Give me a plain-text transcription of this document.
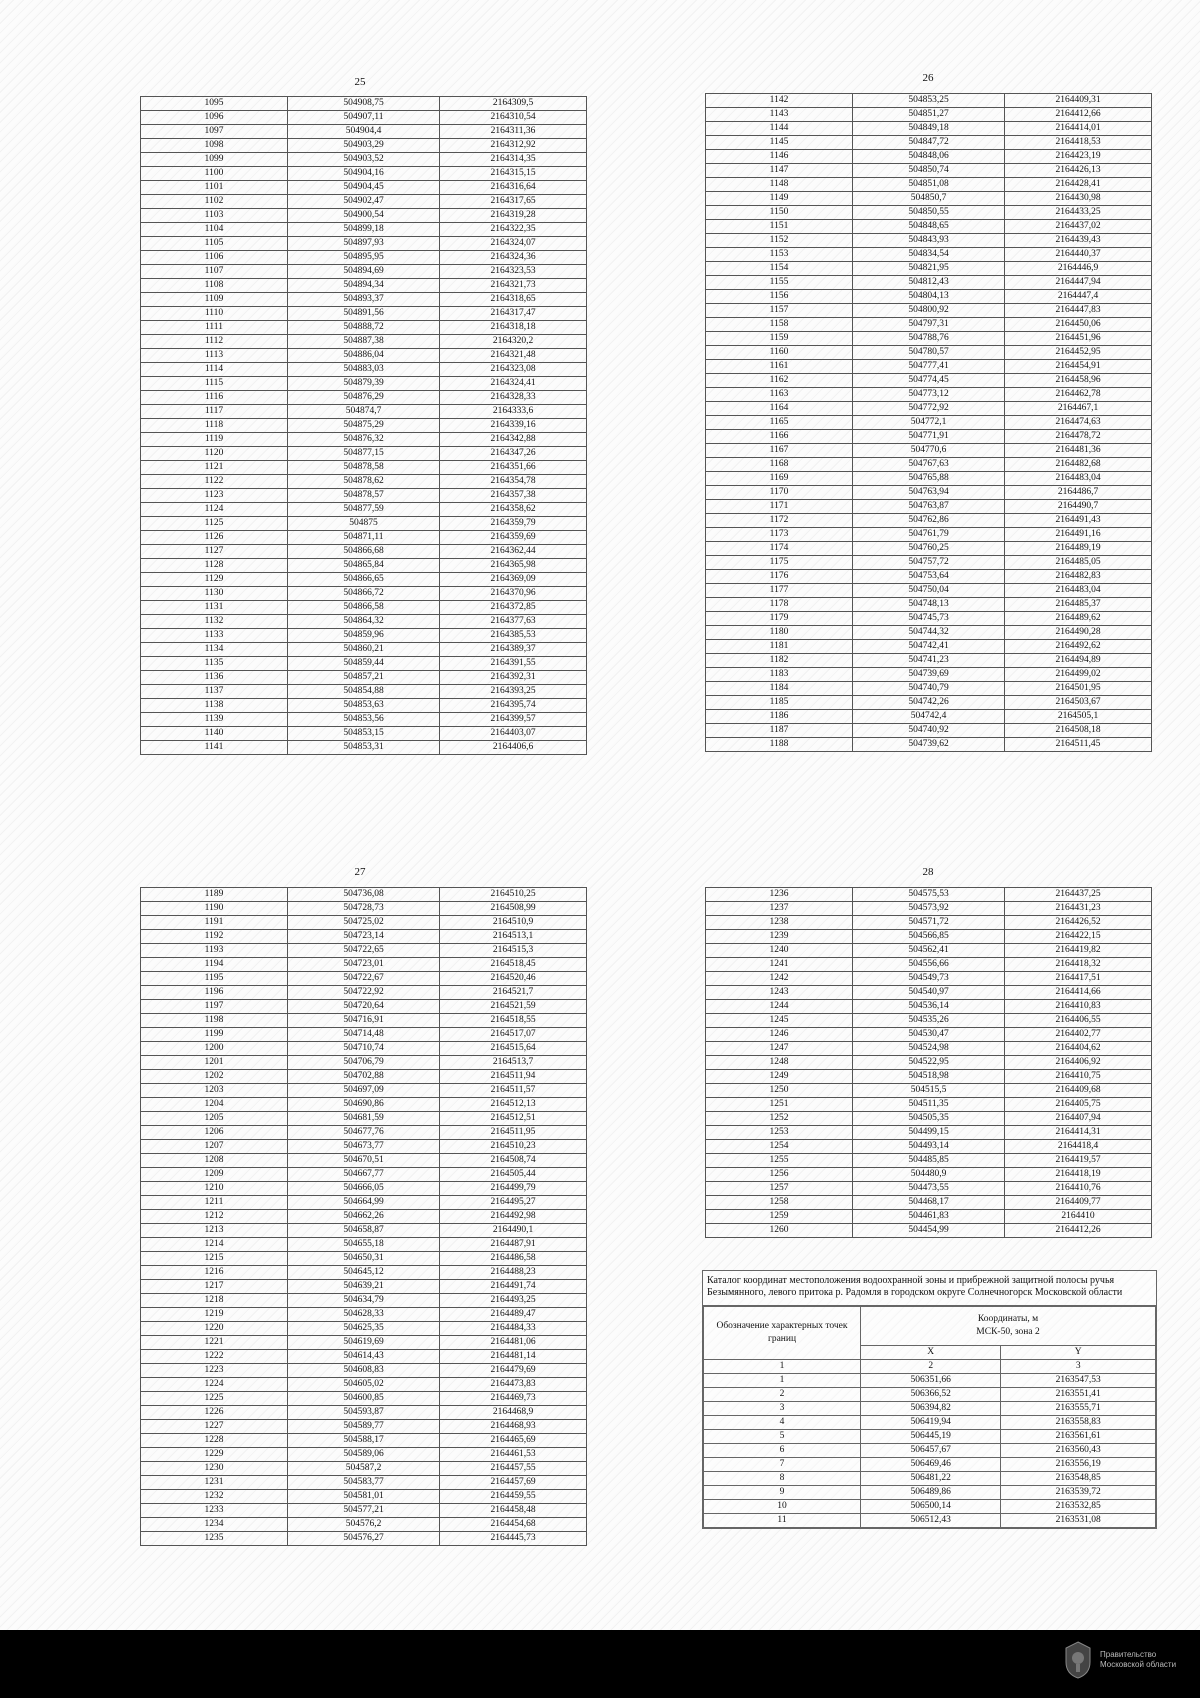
25	26
27	28
1095	504908,75	2164309,5
1096	504907,11	2164310,54
1097	504904,4	2164311,36
1098	504903,29	2164312,92
1099	504903,52	2164314,35
1100	504904,16	2164315,15
1101	504904,45	2164316,64
1102	504902,47	2164317,65
1103	504900,54	2164319,28
1104	504899,18	2164322,35
1105	504897,93	2164324,07
1106	504895,95	2164324,36
1107	504894,69	2164323,53
1108	504894,34	2164321,73
1109	504893,37	2164318,65
1110	504891,56	2164317,47
1111	504888,72	2164318,18
1112	504887,38	2164320,2
1113	504886,04	2164321,48
1114	504883,03	2164323,08
1115	504879,39	2164324,41
1116	504876,29	2164328,33
1117	504874,7	2164333,6
1118	504875,29	2164339,16
1119	504876,32	2164342,88
1120	504877,15	2164347,26
1121	504878,58	2164351,66
1122	504878,62	2164354,78
1123	504878,57	2164357,38
1124	504877,59	2164358,62
1125	504875	2164359,79
1126	504871,11	2164359,69
1127	504866,68	2164362,44
1128	504865,84	2164365,98
1129	504866,65	2164369,09
1130	504866,72	2164370,96
1131	504866,58	2164372,85
1132	504864,32	2164377,63
1133	504859,96	2164385,53
1134	504860,21	2164389,37
1135	504859,44	2164391,55
1136	504857,21	2164392,31
1137	504854,88	2164393,25
1138	504853,63	2164395,74
1139	504853,56	2164399,57
1140	504853,15	2164403,07
1141	504853,31	2164406,6
1142	504853,25	2164409,31
1143	504851,27	2164412,66
1144	504849,18	2164414,01
1145	504847,72	2164418,53
1146	504848,06	2164423,19
1147	504850,74	2164426,13
1148	504851,08	2164428,41
1149	504850,7	2164430,98
1150	504850,55	2164433,25
1151	504848,65	2164437,02
1152	504843,93	2164439,43
1153	504834,54	2164440,37
1154	504821,95	2164446,9
1155	504812,43	2164447,94
1156	504804,13	2164447,4
1157	504800,92	2164447,83
1158	504797,31	2164450,06
1159	504788,76	2164451,96
1160	504780,57	2164452,95
1161	504777,41	2164454,91
1162	504774,45	2164458,96
1163	504773,12	2164462,78
1164	504772,92	2164467,1
1165	504772,1	2164474,63
1166	504771,91	2164478,72
1167	504770,6	2164481,36
1168	504767,63	2164482,68
1169	504765,88	2164483,04
1170	504763,94	2164486,7
1171	504763,87	2164490,7
1172	504762,86	2164491,43
1173	504761,79	2164491,16
1174	504760,25	2164489,19
1175	504757,72	2164485,05
1176	504753,64	2164482,83
1177	504750,04	2164483,04
1178	504748,13	2164485,37
1179	504745,73	2164489,62
1180	504744,32	2164490,28
1181	504742,41	2164492,62
1182	504741,23	2164494,89
1183	504739,69	2164499,02
1184	504740,79	2164501,95
1185	504742,26	2164503,67
1186	504742,4	2164505,1
1187	504740,92	2164508,18
1188	504739,62	2164511,45
1189	504736,08	2164510,25
1190	504728,73	2164508,99
1191	504725,02	2164510,9
1192	504723,14	2164513,1
1193	504722,65	2164515,3
1194	504723,01	2164518,45
1195	504722,67	2164520,46
1196	504722,92	2164521,7
1197	504720,64	2164521,59
1198	504716,91	2164518,55
1199	504714,48	2164517,07
1200	504710,74	2164515,64
1201	504706,79	2164513,7
1202	504702,88	2164511,94
1203	504697,09	2164511,57
1204	504690,86	2164512,13
1205	504681,59	2164512,51
1206	504677,76	2164511,95
1207	504673,77	2164510,23
1208	504670,51	2164508,74
1209	504667,77	2164505,44
1210	504666,05	2164499,79
1211	504664,99	2164495,27
1212	504662,26	2164492,98
1213	504658,87	2164490,1
1214	504655,18	2164487,91
1215	504650,31	2164486,58
1216	504645,12	2164488,23
1217	504639,21	2164491,74
1218	504634,79	2164493,25
1219	504628,33	2164489,47
1220	504625,35	2164484,33
1221	504619,69	2164481,06
1222	504614,43	2164481,14
1223	504608,83	2164479,69
1224	504605,02	2164473,83
1225	504600,85	2164469,73
1226	504593,87	2164468,9
1227	504589,77	2164468,93
1228	504588,17	2164465,69
1229	504589,06	2164461,53
1230	504587,2	2164457,55
1231	504583,77	2164457,69
1232	504581,01	2164459,55
1233	504577,21	2164458,48
1234	504576,2	2164454,68
1235	504576,27	2164445,73
1236	504575,53	2164437,25
1237	504573,92	2164431,23
1238	504571,72	2164426,52
1239	504566,85	2164422,15
1240	504562,41	2164419,82
1241	504556,66	2164418,32
1242	504549,73	2164417,51
1243	504540,97	2164414,66
1244	504536,14	2164410,83
1245	504535,26	2164406,55
1246	504530,47	2164402,77
1247	504524,98	2164404,62
1248	504522,95	2164406,92
1249	504518,98	2164410,75
1250	504515,5	2164409,68
1251	504511,35	2164405,75
1252	504505,35	2164407,94
1253	504499,15	2164414,31
1254	504493,14	2164418,4
1255	504485,85	2164419,57
1256	504480,9	2164418,19
1257	504473,55	2164410,76
1258	504468,17	2164409,77
1259	504461,83	2164410
1260	504454,99	2164412,26
Каталог координат местоположения водоохранной зоны и прибрежной защитной полосы ручья Безымянного, левого притока р. Радомля в городском округе Солнечногорск Московской области
Обозначение характерных точек границ	Координаты, м
МСК-50, зона 2	

	X	Y
1	2	3
1	506351,66	2163547,53
2	506366,52	2163551,41
3	506394,82	2163555,71
4	506419,94	2163558,83
5	506445,19	2163561,61
6	506457,67	2163560,43
7	506469,46	2163556,19
8	506481,22	2163548,85
9	506489,86	2163539,72
10	506500,14	2163532,85
11	506512,43	2163531,08
Правительство
Московской области
